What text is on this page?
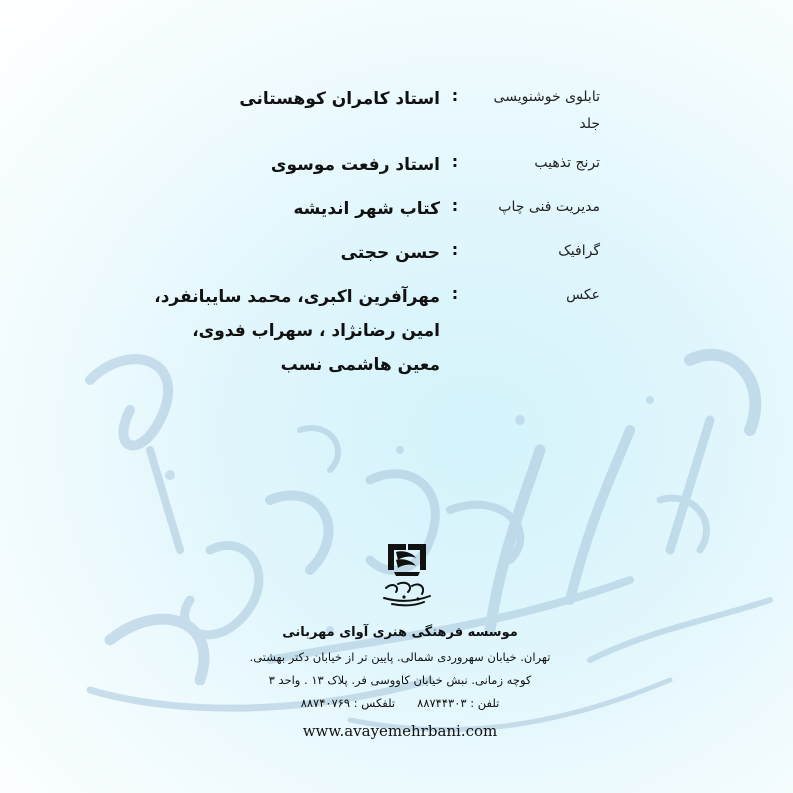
تابلوی خوشنویسی جلد
:
استاد کامران کوهستانی
ترنج تذهیب
:
استاد رفعت موسوی
مدیریت فنی چاپ
:
کتاب شهر اندیشه
گرافیک
:
حسن حجتی
عکس
:
مهرآفرین اکبری، محمد سایبانفرد،
امین رضانژاد ، سهراب فدوی،
معین هاشمی نسب
موسسه فرهنگی هنری آوای مهربانی
تهران. خیابان سهروردی شمالی. پایین تر از خیابان دکتر بهشتی.
کوچه زمانی. نبش خیابان کاووسی فر. پلاک ۱۳ . واحد ۳
تلفن : ۸۸۷۴۴۳۰۳
تلفکس : ۸۸۷۴۰۷۶۹
www.avayemehrbani.com
